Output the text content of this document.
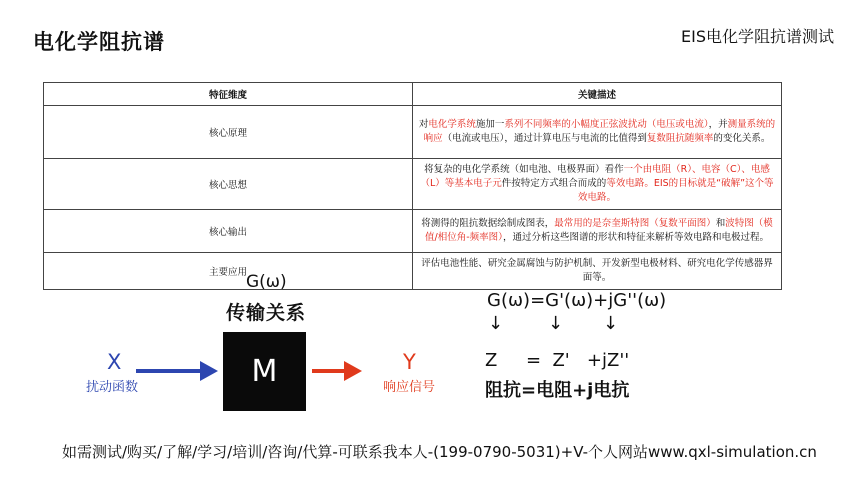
电化学阻抗谱	EIS电化学阻抗谱测试
特征维度	关键描述
核心原理	对电化学系统施加一系列不同频率的小幅度正弦波扰动（电压或电流），并测量系统的响应（电流或电压），通过计算电压与电流的比值得到复数阻抗随频率的变化关系。
核心思想	将复杂的电化学系统（如电池、电极界面）看作一个由电阻（R）、电容（C）、电感（L）等基本电子元件按特定方式组合而成的等效电路。EIS的目标就是“破解”这个等效电路。
核心输出	将测得的阻抗数据绘制成图表，最常用的是奈奎斯特图（复数平面图）和波特图（模值/相位角-频率图），通过分析这些图谱的形状和特征来解析等效电路和电极过程。
主要应用	评估电池性能、研究金属腐蚀与防护机制、开发新型电极材料、研究电化学传感器界面等。
G(ω)
传输关系
X
扰动函数	M	Y
响应信号
G(ω)=G'(ω)+jG''(ω)
↓ ↓ ↓
Z     =  Z'   +jZ''
阻抗=电阻+j电抗
如需测试/购买/了解/学习/培训/咨询/代算-可联系我本人-(199-0790-5031)+V-个人网站www.qxl-simulation.cn
